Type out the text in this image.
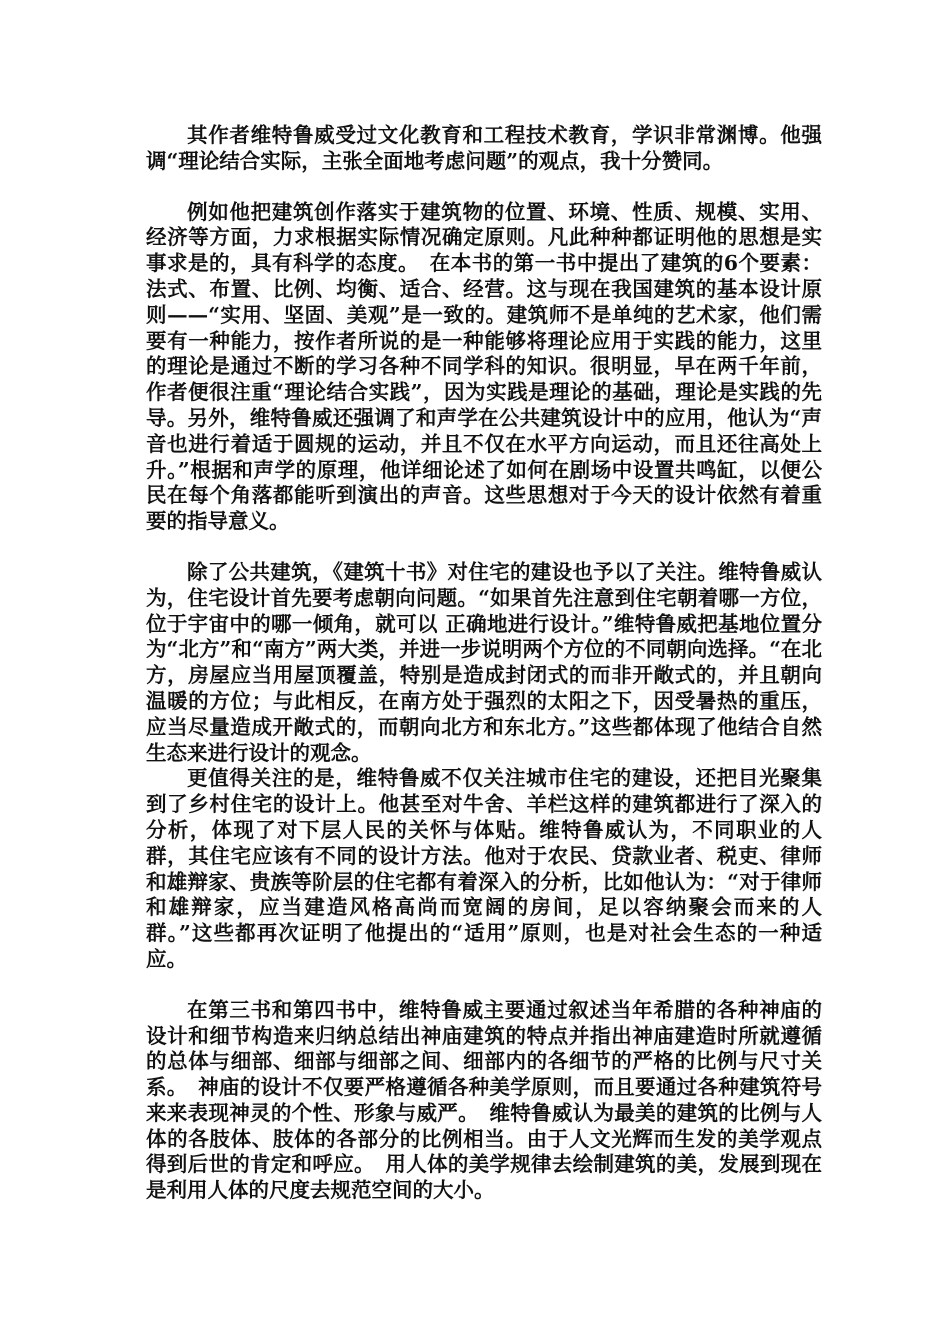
其作者维特鲁威受过文化教育和工程技术教育，学识非常渊博。他强调“理论结合实际，主张全面地考虑问题”的观点，我十分赞同。

例如他把建筑创作落实于建筑物的位置、环境、性质、规模、实用、经济等方面，力求根据实际情况确定原则。凡此种种都证明他的思想是实事求是的，具有科学的态度。　在本书的第一书中提出了建筑的6个要素：法式、布置、比例、均衡、适合、经营。这与现在我国建筑的基本设计原则——“实用、坚固、美观”是一致的。建筑师不是单纯的艺术家，他们需要有一种能力，按作者所说的是一种能够将理论应用于实践的能力，这里的理论是通过不断的学习各种不同学科的知识。很明显，早在两千年前，作者便很注重“理论结合实践”，因为实践是理论的基础，理论是实践的先导。另外，维特鲁威还强调了和声学在公共建筑设计中的应用，他认为“声音也进行着适于圆规的运动，并且不仅在水平方向运动，而且还往高处上升。”根据和声学的原理，他详细论述了如何在剧场中设置共鸣缸，以便公民在每个角落都能听到演出的声音。这些思想对于今天的设计依然有着重要的指导意义。

除了公共建筑，《建筑十书》对住宅的建设也予以了关注。维特鲁威认为，住宅设计首先要考虑朝向问题。“如果首先注意到住宅朝着哪一方位，位于宇宙中的哪一倾角，就可以 正确地进行设计。”维特鲁威把基地位置分为“北方”和“南方”两大类，并进一步说明两个方位的不同朝向选择。“在北方，房屋应当用屋顶覆盖，特别是造成封闭式的而非开敞式的，并且朝向温暖的方位；与此相反，在南方处于强烈的太阳之下，因受暑热的重压，应当尽量造成开敞式的，而朝向北方和东北方。”这些都体现了他结合自然生态来进行设计的观念。

更值得关注的是，维特鲁威不仅关注城市住宅的建设，还把目光聚集到了乡村住宅的设计上。他甚至对牛舍、羊栏这样的建筑都进行了深入的分析，体现了对下层人民的关怀与体贴。维特鲁威认为，不同职业的人群，其住宅应该有不同的设计方法。他对于农民、贷款业者、税吏、律师和雄辩家、贵族等阶层的住宅都有着深入的分析，比如他认为：“对于律师和雄辩家，应当建造风格高尚而宽阔的房间，足以容纳聚会而来的人群。”这些都再次证明了他提出的“适用”原则，也是对社会生态的一种适应。

在第三书和第四书中，维特鲁威主要通过叙述当年希腊的各种神庙的设计和细节构造来归纳总结出神庙建筑的特点并指出神庙建造时所就遵循的总体与细部、细部与细部之间、细部内的各细节的严格的比例与尺寸关系。　神庙的设计不仅要严格遵循各种美学原则，而且要通过各种建筑符号来来表现神灵的个性、形象与威严。　维特鲁威认为最美的建筑的比例与人体的各肢体、肢体的各部分的比例相当。由于人文光辉而生发的美学观点得到后世的肯定和呼应。　用人体的美学规律去绘制建筑的美，发展到现在是利用人体的尺度去规范空间的大小。
